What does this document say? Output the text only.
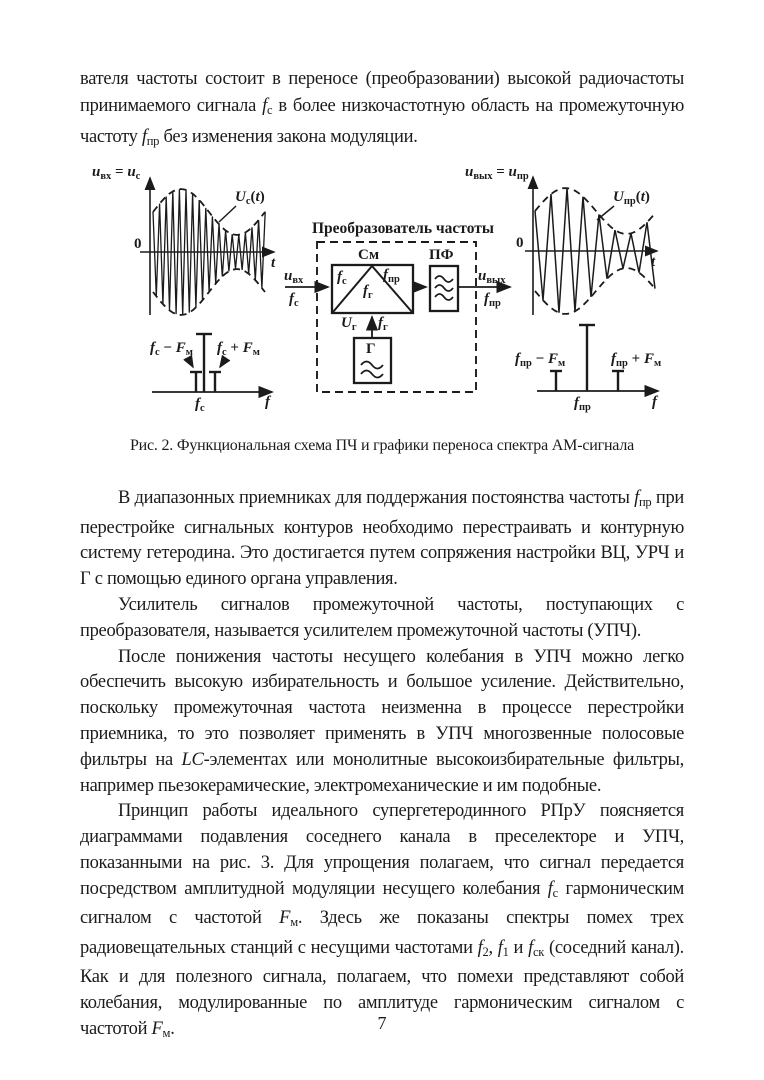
вателя частоты состоит в переносе (преобразовании) высокой радиочастоты принимаемого сигнала fс в более низкочастотную область на промежуточную частоту fпр без изменения закона модуляции.

$u_{вх} = u_с$
$U_с(t)$
0
t
$f_с - F_м$ $f_с + F_м$
$f_с$	f
Преобразователь частоты
См	ПФ
$u_{вх}$
$f_с$
$f_с$ $f_{пр}$
$f_г$
$U_г$ $f_г$
Г
$u_{вых}$
$f_{пр}$
$u_{вых} = u_{пр}$
$U_{пр}(t)$
0
t
$f_{пр} - F_м$	$f_{пр} + F_м$
$f_{пр}$	f
Рис. 2. Функциональная схема ПЧ и графики переноса спектра АМ-сигнала

В диапазонных приемниках для поддержания постоянства частоты fпр при перестройке сигнальных контуров необходимо перестраивать и контурную систему гетеродина. Это достигается путем сопряжения настройки ВЦ, УРЧ и Г с помощью единого органа управления.

Усилитель сигналов промежуточной частоты, поступающих с преобразователя, называется усилителем промежуточной частоты (УПЧ).

После понижения частоты несущего колебания в УПЧ можно легко обеспечить высокую избирательность и большое усиление. Действительно, поскольку промежуточная частота неизменна в процессе перестройки приемника, то это позволяет применять в УПЧ многозвенные полосовые фильтры на LC-элементах или монолитные высокоизбирательные фильтры, например пьезокерамические, электромеханические и им подобные.

Принцип работы идеального супергетеродинного РПрУ поясняется диаграммами подавления соседнего канала в преселекторе и УПЧ, показанными на рис. 3. Для упрощения полагаем, что сигнал передается посредством амплитудной модуляции несущего колебания fс гармоническим сигналом с частотой Fм. Здесь же показаны спектры помех трех радиовещательных станций с несущими частотами f2, f1 и fск (соседний канал). Как и для полезного сигнала, полагаем, что помехи представляют собой колебания, модулированные по амплитуде гармоническим сигналом с частотой Fм.	7
